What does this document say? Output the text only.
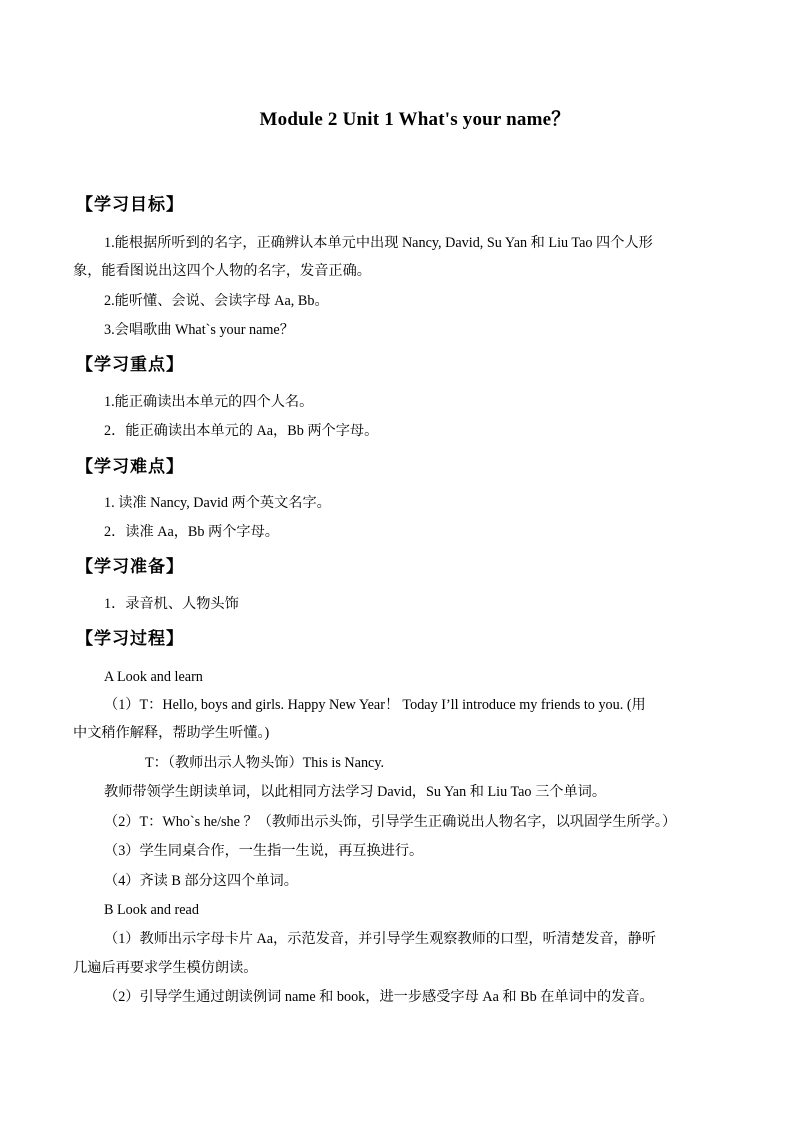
Module 2 Unit 1 What's your name？
【学习目标】
1.能根据所听到的名字，正确辨认本单元中出现 Nancy, David, Su Yan 和 Liu Tao 四个人形
象，能看图说出这四个人物的名字，发音正确。
2.能听懂、会说、会读字母 Aa, Bb。
3.会唱歌曲 What`s your name？
【学习重点】
1.能正确读出本单元的四个人名。
2．能正确读出本单元的 Aa，Bb 两个字母。
【学习难点】
1. 读准 Nancy, David 两个英文名字。
2．读准 Aa，Bb 两个字母。
【学习准备】
1．录音机、人物头饰
【学习过程】
A Look and learn
（1）T：Hello, boys and girls. Happy New Year！ Today I’ll introduce my friends to you. (用
中文稍作解释，帮助学生听懂。)
T：（教师出示人物头饰）This is Nancy.
教师带领学生朗读单词，以此相同方法学习 David，Su Yan 和 Liu Tao 三个单词。
（2）T：Who`s he/she ？（教师出示头饰，引导学生正确说出人物名字，以巩固学生所学。）
（3）学生同桌合作，一生指一生说，再互换进行。
（4）齐读 B 部分这四个单词。
B Look and read
（1）教师出示字母卡片 Aa，示范发音，并引导学生观察教师的口型，听清楚发音，静听
几遍后再要求学生模仿朗读。
（2）引导学生通过朗读例词 name 和 book，进一步感受字母 Aa 和 Bb 在单词中的发音。
